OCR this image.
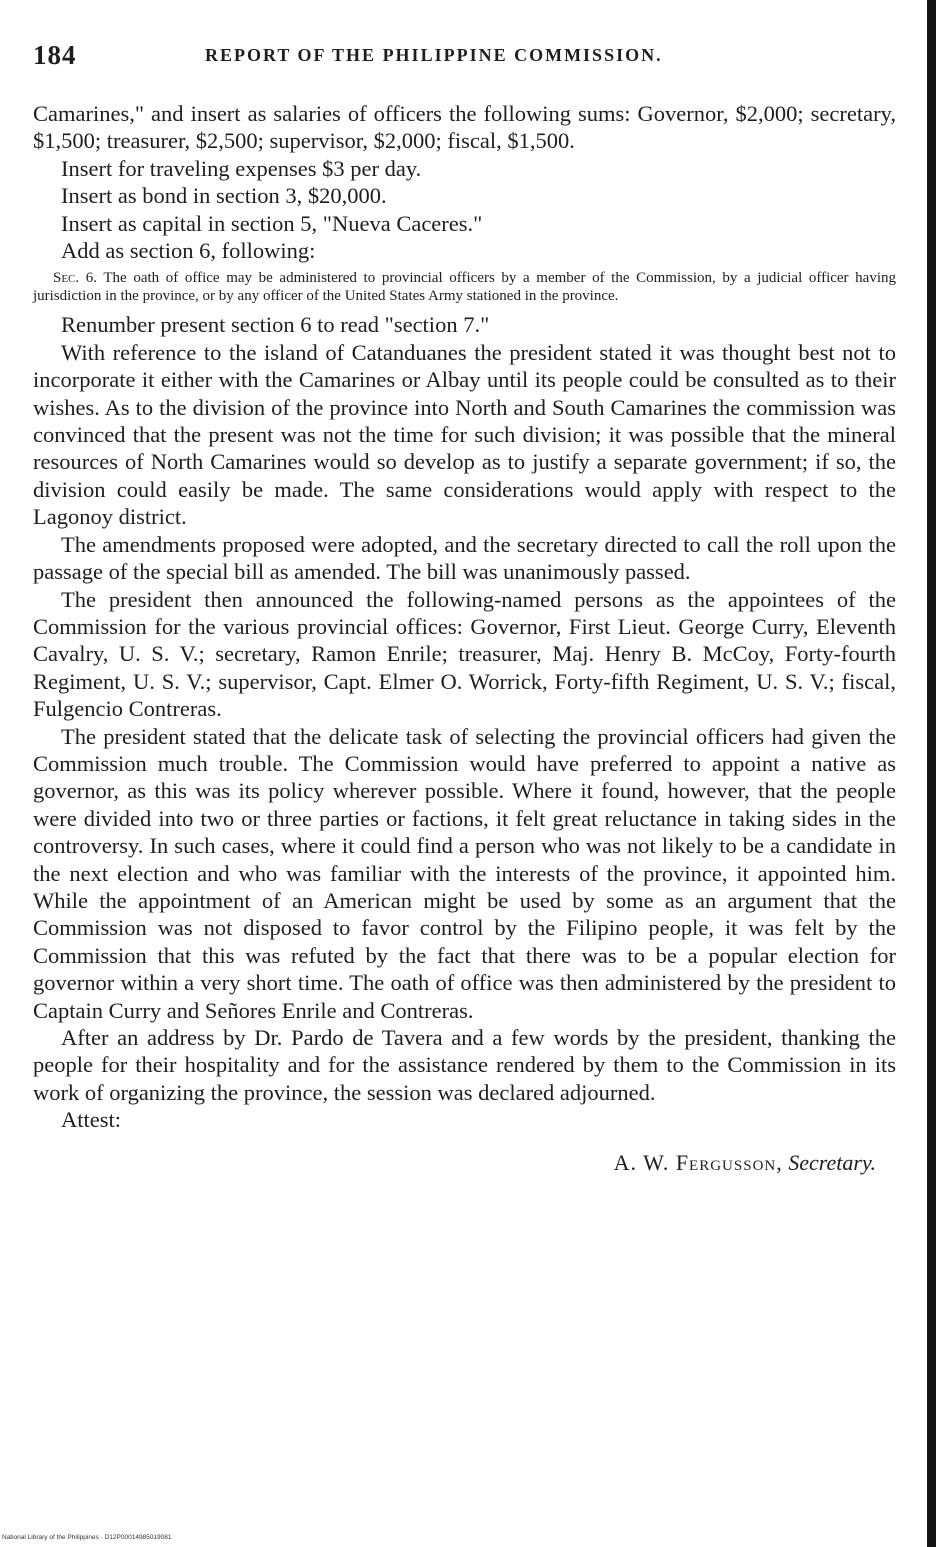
184	REPORT OF THE PHILIPPINE COMMISSION.

Camarines," and insert as salaries of officers the following sums: Governor, $2,000; secretary, $1,500; treasurer, $2,500; supervisor, $2,000; fiscal, $1,500.

Insert for traveling expenses $3 per day.

Insert as bond in section 3, $20,000.

Insert as capital in section 5, "Nueva Caceres."

Add as section 6, following:

Sec. 6. The oath of office may be administered to provincial officers by a member of the Commission, by a judicial officer having jurisdiction in the province, or by any officer of the United States Army stationed in the province.

Renumber present section 6 to read "section 7."

With reference to the island of Catanduanes the president stated it was thought best not to incorporate it either with the Camarines or Albay until its people could be consulted as to their wishes. As to the division of the province into North and South Camarines the commission was convinced that the present was not the time for such division; it was possible that the mineral resources of North Camarines would so develop as to justify a separate government; if so, the division could easily be made. The same considerations would apply with respect to the Lagonoy district.

The amendments proposed were adopted, and the secretary directed to call the roll upon the passage of the special bill as amended. The bill was unanimously passed.

The president then announced the following-named persons as the appointees of the Commission for the various provincial offices: Governor, First Lieut. George Curry, Eleventh Cavalry, U. S. V.; secretary, Ramon Enrile; treasurer, Maj. Henry B. McCoy, Forty-fourth Regiment, U. S. V.; supervisor, Capt. Elmer O. Worrick, Forty-fifth Regiment, U. S. V.; fiscal, Fulgencio Contreras.

The president stated that the delicate task of selecting the provincial officers had given the Commission much trouble. The Commission would have preferred to appoint a native as governor, as this was its policy wherever possible. Where it found, however, that the people were divided into two or three parties or factions, it felt great reluctance in taking sides in the controversy. In such cases, where it could find a person who was not likely to be a candidate in the next election and who was familiar with the interests of the province, it appointed him. While the appointment of an American might be used by some as an argument that the Commission was not disposed to favor control by the Filipino people, it was felt by the Commission that this was refuted by the fact that there was to be a popular election for governor within a very short time. The oath of office was then administered by the president to Captain Curry and Señores Enrile and Contreras.

After an address by Dr. Pardo de Tavera and a few words by the president, thanking the people for their hospitality and for the assistance rendered by them to the Commission in its work of organizing the province, the session was declared adjourned.

Attest:

A. W. Fergusson, Secretary.
National Library of the Philippines · D12P00014985019081
